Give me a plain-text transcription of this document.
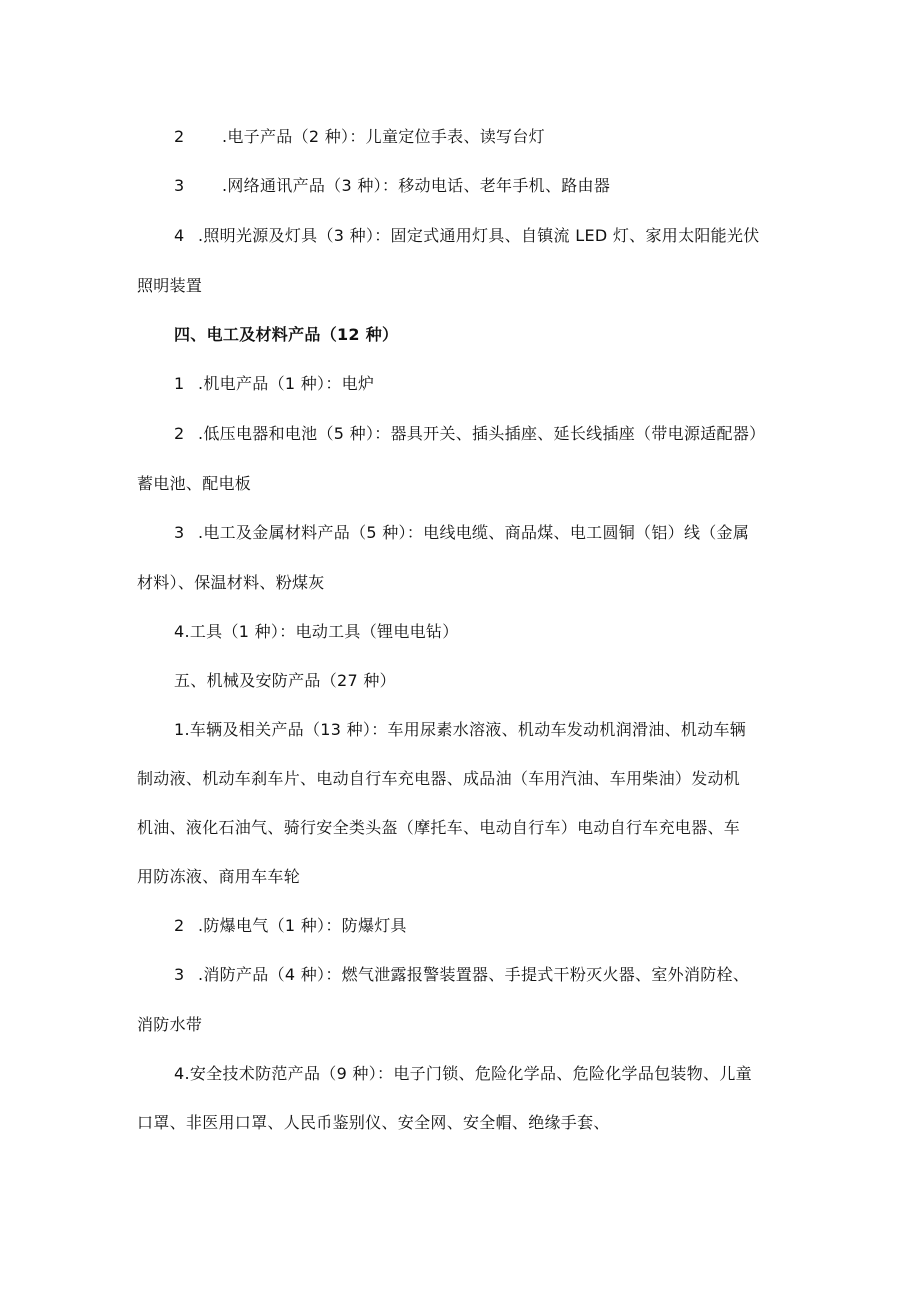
2 .电子产品（2 种）：儿童定位手表、读写台灯
3 .网络通讯产品（3 种）：移动电话、老年手机、路由器
4 .照明光源及灯具（3 种）：固定式通用灯具、自镇流 LED 灯、家用太阳能光伏
照明装置
四、电工及材料产品（12 种）
1 .机电产品（1 种）：电炉
2 .低压电器和电池（5 种）：器具开关、插头插座、延长线插座（带电源适配器）
蓄电池、配电板
3 .电工及金属材料产品（5 种）：电线电缆、商品煤、电工圆铜（铝）线（金属
材料）、保温材料、粉煤灰
4.工具（1 种）：电动工具（锂电电钻）
五、机械及安防产品（27 种）
1.车辆及相关产品（13 种）：车用尿素水溶液、机动车发动机润滑油、机动车辆
制动液、机动车刹车片、电动自行车充电器、成品油（车用汽油、车用柴油）发动机
机油、液化石油气、骑行安全类头盔（摩托车、电动自行车）电动自行车充电器、车
用防冻液、商用车车轮
2 .防爆电气（1 种）：防爆灯具
3 .消防产品（4 种）：燃气泄露报警装置器、手提式干粉灭火器、室外消防栓、
消防水带
4.安全技术防范产品（9 种）：电子门锁、危险化学品、危险化学品包装物、儿童
口罩、非医用口罩、人民币鉴别仪、安全网、安全帽、绝缘手套、
